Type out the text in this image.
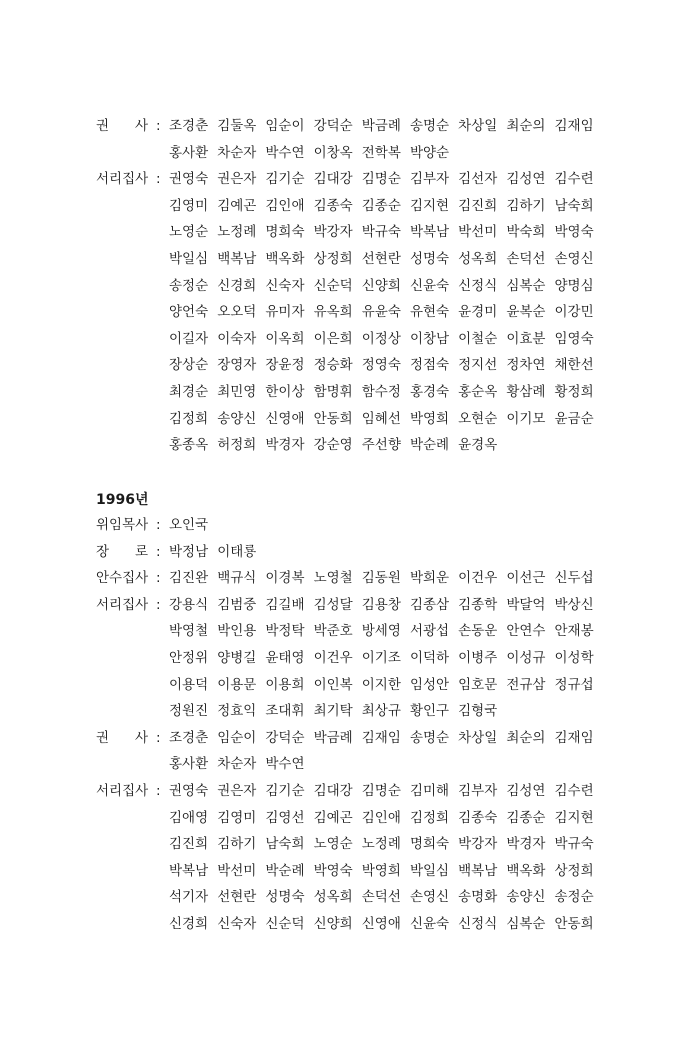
권 사 : 조경춘 김둘옥 임순이 강덕순 박금례 송명순 차상일 최순의 김재임
홍사환 차순자 박수연 이창옥 전학복 박양순
서리집사 : 권영숙 권은자 김기순 김대강 김명순 김부자 김선자 김성연 김수련
김영미 김예곤 김인애 김종숙 김종순 김지현 김진희 김하기 남숙희
노영순 노정례 명희숙 박강자 박규숙 박복남 박선미 박숙희 박영숙
박일심 백복남 백옥화 상정희 선현란 성명숙 성옥희 손덕선 손영신
송정순 신경희 신숙자 신순덕 신양희 신윤숙 신정식 심복순 양명심
양언숙 오오덕 유미자 유옥희 유윤숙 유현숙 윤경미 윤복순 이강민
이길자 이숙자 이옥희 이은희 이정상 이창남 이철순 이효분 임영숙
장상순 장영자 장윤정 정승화 정영숙 정점숙 정지선 정차연 채한선
최경순 최민영 한이상 함명휘 함수정 홍경숙 홍순옥 황삼례 황정희
김정희 송양신 신영애 안동희 임혜선 박영희 오현순 이기모 윤금순
홍종옥 허정희 박경자 강순영 주선향 박순례 윤경옥
1996년
위임목사 : 오인국
장 로 : 박정남 이태룡
안수집사 : 김진완 백규식 이경복 노영철 김동원 박희운 이건우 이선근 신두섭
서리집사 : 강용식 김범중 김길배 김성달 김용창 김종삼 김종학 박달억 박상신
박영철 박인용 박정탁 박준호 방세영 서광섭 손동운 안연수 안재봉
안정위 양병길 윤태영 이건우 이기조 이덕하 이병주 이성규 이성학
이용덕 이용문 이용희 이인복 이지한 임성안 임호문 전규삼 정규섭
정원진 정효익 조대휘 최기탁 최상규 황인구 김형국
권 사 : 조경춘 임순이 강덕순 박금례 김재임 송명순 차상일 최순의 김재임
홍사환 차순자 박수연
서리집사 : 권영숙 권은자 김기순 김대강 김명순 김미해 김부자 김성연 김수련
김애영 김영미 김영선 김예곤 김인애 김정희 김종숙 김종순 김지현
김진희 김하기 남숙희 노영순 노정례 명희숙 박강자 박경자 박규숙
박복남 박선미 박순례 박영숙 박영희 박일심 백복남 백옥화 상정희
석기자 선현란 성명숙 성옥희 손덕선 손영신 송명화 송양신 송정순
신경희 신숙자 신순덕 신양희 신영애 신윤숙 신정식 심복순 안동희
